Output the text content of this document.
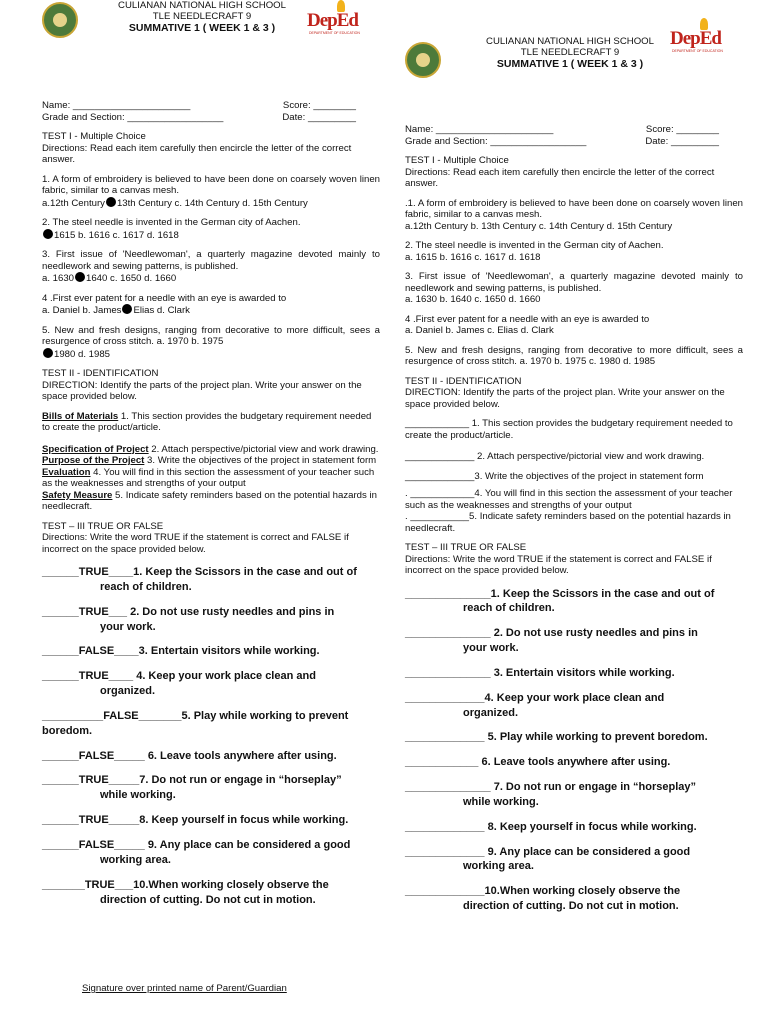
CULIANAN NATIONAL HIGH SCHOOL
TLE NEEDLECRAFT 9
SUMMATIVE 1 ( WEEK 1 & 3 )	DepEd
DEPARTMENT OF EDUCATION
Name: ______________________	Score: ________
Grade and Section: __________________	Date: _________
TEST I - Multiple Choice
Directions: Read each item carefully then encircle the letter of the correct answer.
1. A form of embroidery is believed to have been done on coarsely woven linen fabric, similar to a canvas mesh.
a.12th Century 13th Century c. 14th Century d. 15th Century
2. The steel needle is invented in the German city of Aachen.
1615 b. 1616 c. 1617 d. 1618
3. First issue of 'Needlewoman', a quarterly magazine devoted mainly to needlework and sewing patterns, is published.
a. 1630 1640 c. 1650 d. 1660
4 .First ever patent for a needle with an eye is awarded to
a. Daniel b. James Elias d. Clark
5. New and fresh designs, ranging from decorative to more difficult, sees a resurgence of cross stitch. a. 1970 b. 1975
1980 d. 1985
TEST II - IDENTIFICATION
DIRECTION: Identify the parts of the project plan. Write your answer on the space provided below.
Bills of Materials 1. This section provides the budgetary requirement needed to create the product/article.
Specification of Project 2. Attach perspective/pictorial view and work drawing.
Purpose of the Project 3. Write the objectives of the project in statement form
Evaluation 4. You will find in this section the assessment of your teacher such as the weaknesses and strengths of your output
Safety Measure 5. Indicate safety reminders based on the potential hazards in needlecraft.
TEST – III TRUE OR FALSE
Directions: Write the word TRUE if the statement is correct and FALSE if incorrect on the space provided below.
______TRUE____1. Keep the Scissors in the case and out of
reach of children.
______TRUE___ 2. Do not use rusty needles and pins in
your work.
______FALSE____3. Entertain visitors while working.
______TRUE____ 4. Keep your work place clean and
organized.
__________FALSE_______5. Play while working to prevent boredom.
______FALSE_____ 6. Leave tools anywhere after using.
______TRUE_____7. Do not run or engage in “horseplay”
while working.
______TRUE_____8. Keep yourself in focus while working.
______FALSE_____ 9. Any place can be considered a good
working area.
_______TRUE___10.When working closely observe the
direction of cutting. Do not cut in motion.
CULIANAN NATIONAL HIGH SCHOOL
TLE NEEDLECRAFT 9
SUMMATIVE 1 ( WEEK 1 & 3 )
DepEd
DEPARTMENT OF EDUCATION
Name: ______________________	Score: ________
Grade and Section: __________________	Date: _________
TEST I - Multiple Choice
Directions: Read each item carefully then encircle the letter of the correct answer.
.1. A form of embroidery is believed to have been done on coarsely woven linen fabric, similar to a canvas mesh.
a.12th Century b. 13th Century c. 14th Century d. 15th Century
2. The steel needle is invented in the German city of Aachen.
a. 1615 b. 1616 c. 1617 d. 1618
3. First issue of 'Needlewoman', a quarterly magazine devoted mainly to needlework and sewing patterns, is published.
a. 1630 b. 1640 c. 1650 d. 1660
4 .First ever patent for a needle with an eye is awarded to
a. Daniel b. James c. Elias d. Clark
5. New and fresh designs, ranging from decorative to more difficult, sees a resurgence of cross stitch. a. 1970 b. 1975 c. 1980 d. 1985
TEST II - IDENTIFICATION
DIRECTION: Identify the parts of the project plan. Write your answer on the space provided below.
____________ 1. This section provides the budgetary requirement needed to create the product/article.
_____________ 2. Attach perspective/pictorial view and work drawing.
_____________3. Write the objectives of the project in statement form
. ____________4. You will find in this section the assessment of your teacher such as the weaknesses and strengths of your output
. ___________5. Indicate safety reminders based on the potential hazards in needlecraft.
TEST – III TRUE OR FALSE
Directions: Write the word TRUE if the statement is correct and FALSE if incorrect on the space provided below.
______________1. Keep the Scissors in the case and out of
reach of children.
______________ 2. Do not use rusty needles and pins in
your work.
______________ 3. Entertain visitors while working.
_____________4. Keep your work place clean and
organized.
_____________ 5. Play while working to prevent boredom.
____________ 6. Leave tools anywhere after using.
______________ 7. Do not run or engage in “horseplay”
while working.
_____________ 8. Keep yourself in focus while working.
_____________ 9. Any place can be considered a good
working area.
_____________10.When working closely observe the
direction of cutting. Do not cut in motion.
Signature over printed name of Parent/Guardian
